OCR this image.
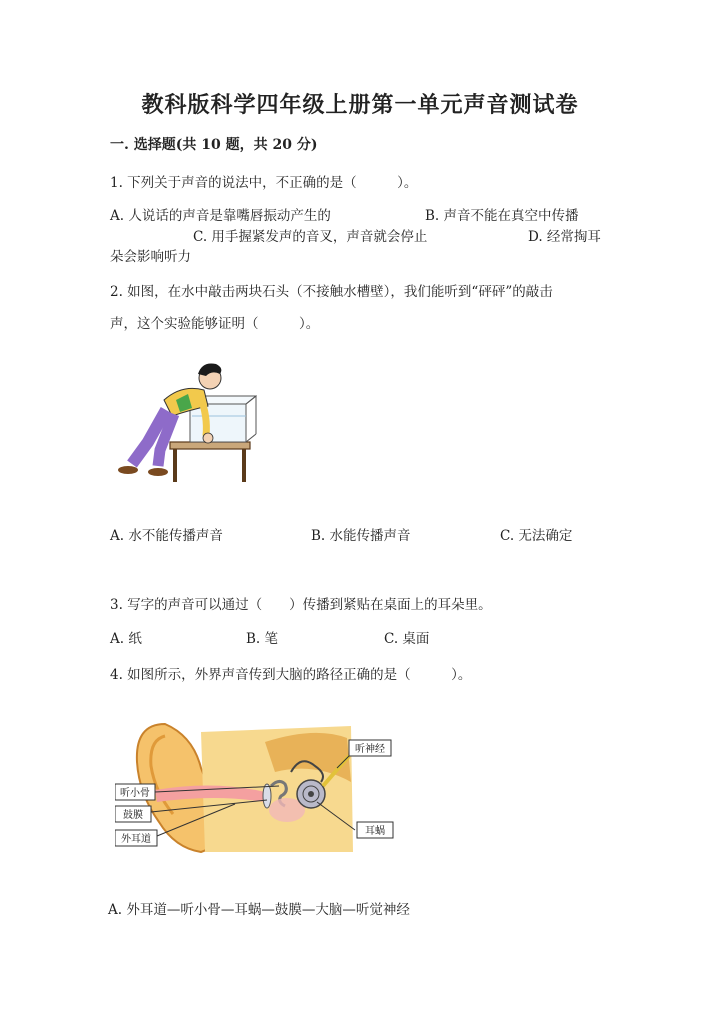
教科版科学四年级上册第一单元声音测试卷
一. 选择题(共 10 题，共 20 分)
1. 下列关于声音的说法中，不正确的是（　　　）。
A. 人说话的声音是靠嘴唇振动产生的	B. 声音不能在真空中传播
C. 用手握紧发声的音叉，声音就会停止	D. 经常掏耳
朵会影响听力
2. 如图，在水中敲击两块石头（不接触水槽壁），我们能听到“砰砰”的敲击
声，这个实验能够证明（　　　）。
A. 水不能传播声音	B. 水能传播声音	C. 无法确定
3. 写字的声音可以通过（　　）传播到紧贴在桌面上的耳朵里。
A. 纸	B. 笔	C. 桌面
4. 如图所示，外界声音传到大脑的路径正确的是（　　　）。
听神经
听小骨
鼓膜
外耳道
耳蜗
A. 外耳道—听小骨—耳蜗—鼓膜—大脑—听觉神经
